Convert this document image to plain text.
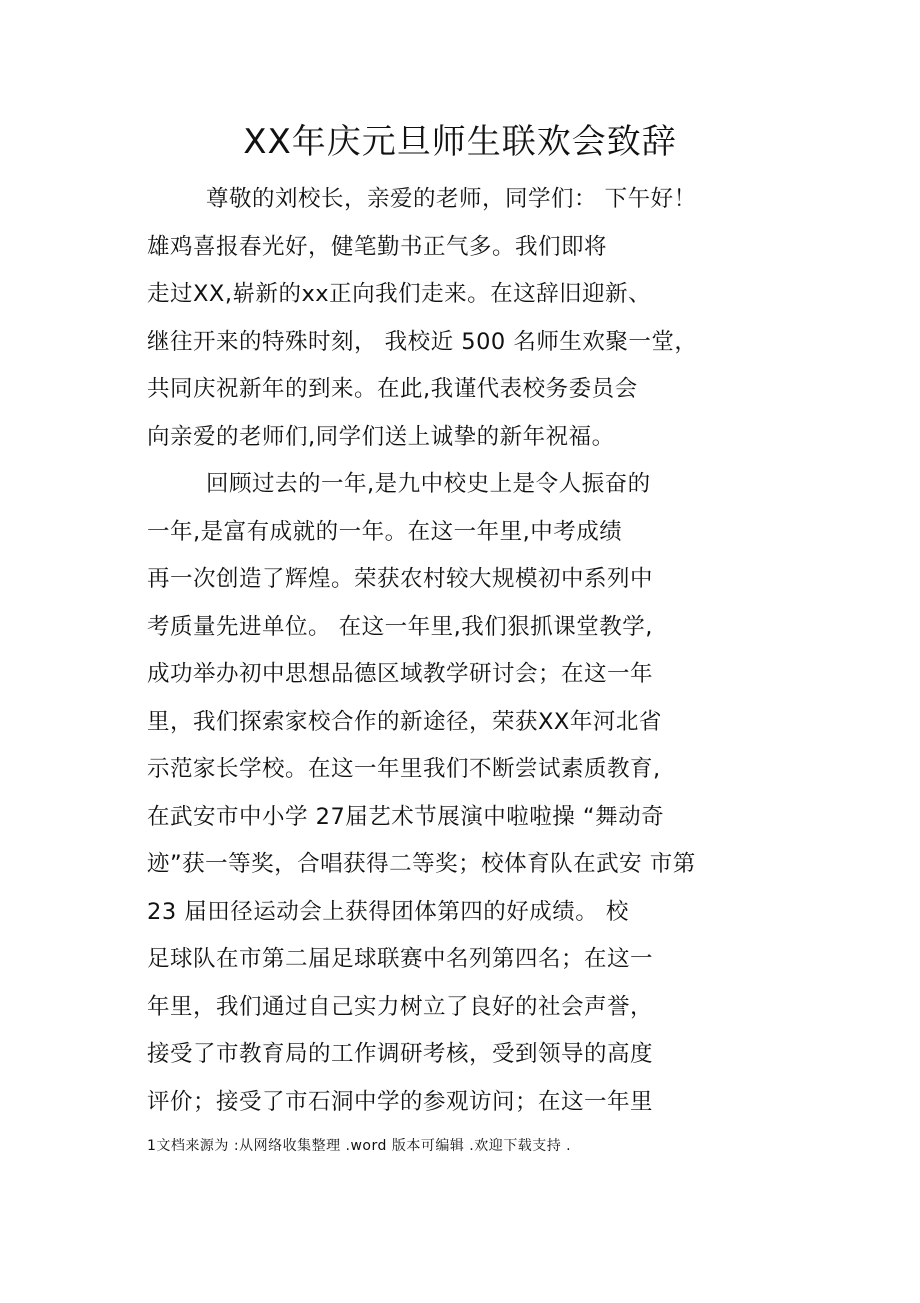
XX年庆元旦师生联欢会致辞
尊敬的刘校长，亲爱的老师，同学们： 下午好！
雄鸡喜报春光好，健笔勤书正气多。我们即将
走过XX,崭新的xx正向我们走来。在这辞旧迎新、
继往开来的特殊时刻， 我校近 500 名师生欢聚一堂，
共同庆祝新年的到来。在此,我谨代表校务委员会
向亲爱的老师们,同学们送上诚挚的新年祝福。
回顾过去的一年,是九中校史上是令人振奋的
一年,是富有成就的一年。在这一年里,中考成绩
再一次创造了辉煌。荣获农村较大规模初中系列中
考质量先进单位。 在这一年里,我们狠抓课堂教学,
成功举办初中思想品德区域教学研讨会；在这一年
里，我们探索家校合作的新途径，荣获XX年河北省
示范家长学校。在这一年里我们不断尝试素质教育,
在武安市中小学 27届艺术节展演中啦啦操 “舞动奇
迹”获一等奖，合唱获得二等奖；校体育队在武安 市第
23 届田径运动会上获得团体第四的好成绩。 校
足球队在市第二届足球联赛中名列第四名；在这一
年里，我们通过自己实力树立了良好的社会声誉，
接受了市教育局的工作调研考核，受到领导的高度
评价；接受了市石洞中学的参观访问；在这一年里
1文档来源为 :从网络收集整理 .word 版本可编辑 .欢迎下载支持 .
